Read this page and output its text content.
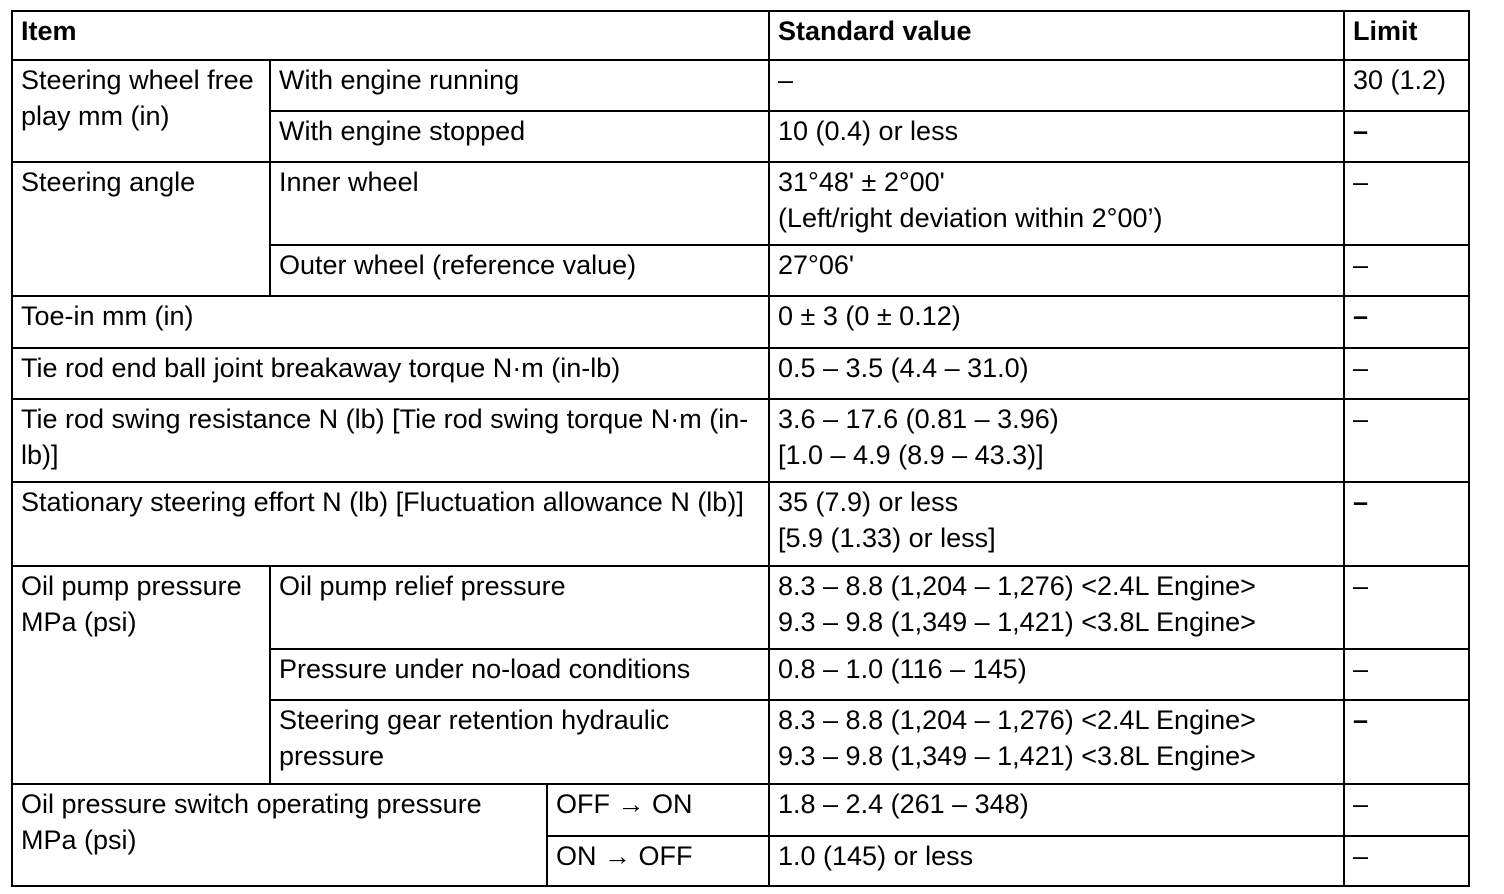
Item			Standard value	Limit
Steering wheel free play mm (in)	With engine running		–	30 (1.2)
	With engine stopped		10 (0.4) or less	–
Steering angle	Inner wheel		31°48' ± 2°00'
(Left/right deviation within 2°00’)	–
	Outer wheel (reference value)		27°06'	–
Toe-in mm (in)			0 ± 3 (0 ± 0.12)	–
Tie rod end ball joint breakaway torque N·m (in-lb)			0.5 – 3.5 (4.4 – 31.0)	–
Tie rod swing resistance N (lb) [Tie rod swing torque N·m (in-lb)]			3.6 – 17.6 (0.81 – 3.96)
[1.0 – 4.9 (8.9 – 43.3)]	–
Stationary steering effort N (lb) [Fluctuation allowance N (lb)]			35 (7.9) or less
[5.9 (1.33) or less]	–
Oil pump pressure MPa (psi)	Oil pump relief pressure		8.3 – 8.8 (1,204 – 1,276) <2.4L Engine>
9.3 – 9.8 (1,349 – 1,421) <3.8L Engine>	–
	Pressure under no-load conditions		0.8 – 1.0 (116 – 145)	–
	Steering gear retention hydraulic pressure		8.3 – 8.8 (1,204 – 1,276) <2.4L Engine>
9.3 – 9.8 (1,349 – 1,421) <3.8L Engine>	–
Oil pressure switch operating pressure MPa (psi)		OFF → ON	1.8 – 2.4 (261 – 348)	–
		ON → OFF	1.0 (145) or less	–
